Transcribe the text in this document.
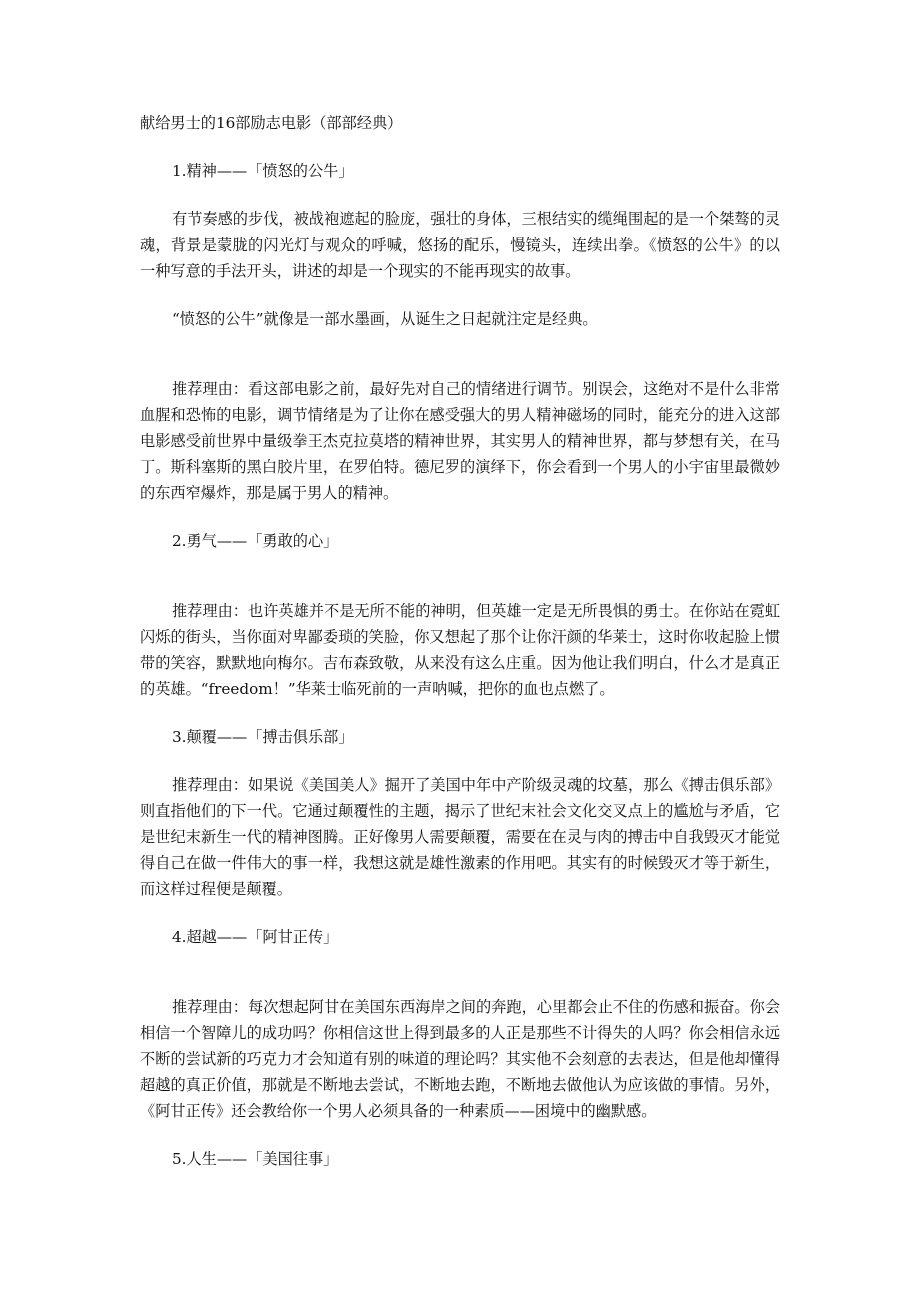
献给男士的16部励志电影（部部经典）

1.精神——「愤怒的公牛」

有节奏感的步伐，被战袍遮起的脸庞，强壮的身体，三根结实的缆绳围起的是一个桀骜的灵魂，背景是蒙胧的闪光灯与观众的呼喊，悠扬的配乐，慢镜头，连续出拳。《愤怒的公牛》的以一种写意的手法开头，讲述的却是一个现实的不能再现实的故事。

“愤怒的公牛”就像是一部水墨画，从诞生之日起就注定是经典。

推荐理由：看这部电影之前，最好先对自己的情绪进行调节。别误会，这绝对不是什么非常血腥和恐怖的电影，调节情绪是为了让你在感受强大的男人精神磁场的同时，能充分的进入这部电影感受前世界中量级拳王杰克拉莫塔的精神世界，其实男人的精神世界，都与梦想有关，在马丁。斯科塞斯的黑白胶片里，在罗伯特。德尼罗的演绎下，你会看到一个男人的小宇宙里最微妙的东西窄爆炸，那是属于男人的精神。

2.勇气——「勇敢的心」

推荐理由：也许英雄并不是无所不能的神明，但英雄一定是无所畏惧的勇士。在你站在霓虹闪烁的街头，当你面对卑鄙委琐的笑脸，你又想起了那个让你汗颜的华莱士，这时你收起脸上惯带的笑容，默默地向梅尔。吉布森致敬，从来没有这么庄重。因为他让我们明白，什么才是真正的英雄。“freedom！”华莱士临死前的一声呐喊，把你的血也点燃了。

3.颠覆——「搏击俱乐部」

推荐理由：如果说《美国美人》掘开了美国中年中产阶级灵魂的坟墓，那么《搏击俱乐部》则直指他们的下一代。它通过颠覆性的主题，揭示了世纪末社会文化交叉点上的尴尬与矛盾，它是世纪末新生一代的精神图腾。正好像男人需要颠覆，需要在在灵与肉的搏击中自我毁灭才能觉得自己在做一件伟大的事一样，我想这就是雄性激素的作用吧。其实有的时候毁灭才等于新生，而这样过程便是颠覆。

4.超越——「阿甘正传」

推荐理由：每次想起阿甘在美国东西海岸之间的奔跑，心里都会止不住的伤感和振奋。你会相信一个智障儿的成功吗？你相信这世上得到最多的人正是那些不计得失的人吗？你会相信永远不断的尝试新的巧克力才会知道有别的味道的理论吗？其实他不会刻意的去表达，但是他却懂得超越的真正价值，那就是不断地去尝试，不断地去跑，不断地去做他认为应该做的事情。另外，《阿甘正传》还会教给你一个男人必须具备的一种素质——困境中的幽默感。

5.人生——「美国往事」
